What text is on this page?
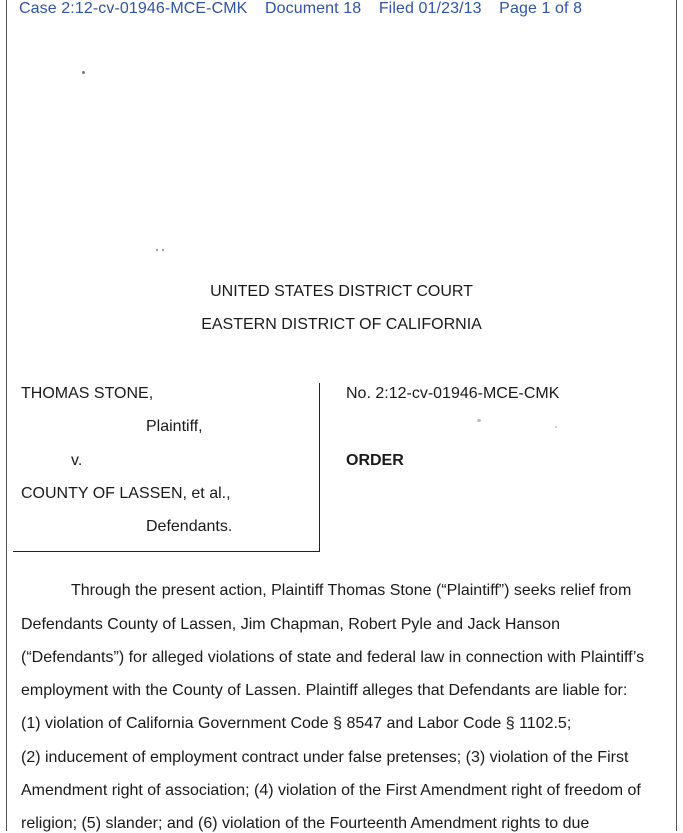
Case 2:12-cv-01946-MCE-CMK Document 18 Filed 01/23/13 Page 1 of 8
UNITED STATES DISTRICT COURT
EASTERN DISTRICT OF CALIFORNIA
THOMAS STONE,
Plaintiff,
v.
COUNTY OF LASSEN, et al.,
Defendants.
No. 2:12-cv-01946-MCE-CMK
ORDER
Through the present action, Plaintiff Thomas Stone (“Plaintiff”) seeks relief from
Defendants County of Lassen, Jim Chapman, Robert Pyle and Jack Hanson
(“Defendants”) for alleged violations of state and federal law in connection with Plaintiff’s
employment with the County of Lassen. Plaintiff alleges that Defendants are liable for:
(1) violation of California Government Code § 8547 and Labor Code § 1102.5;
(2) inducement of employment contract under false pretenses; (3) violation of the First
Amendment right of association; (4) violation of the First Amendment right of freedom of
religion; (5) slander; and (6) violation of the Fourteenth Amendment rights to due
